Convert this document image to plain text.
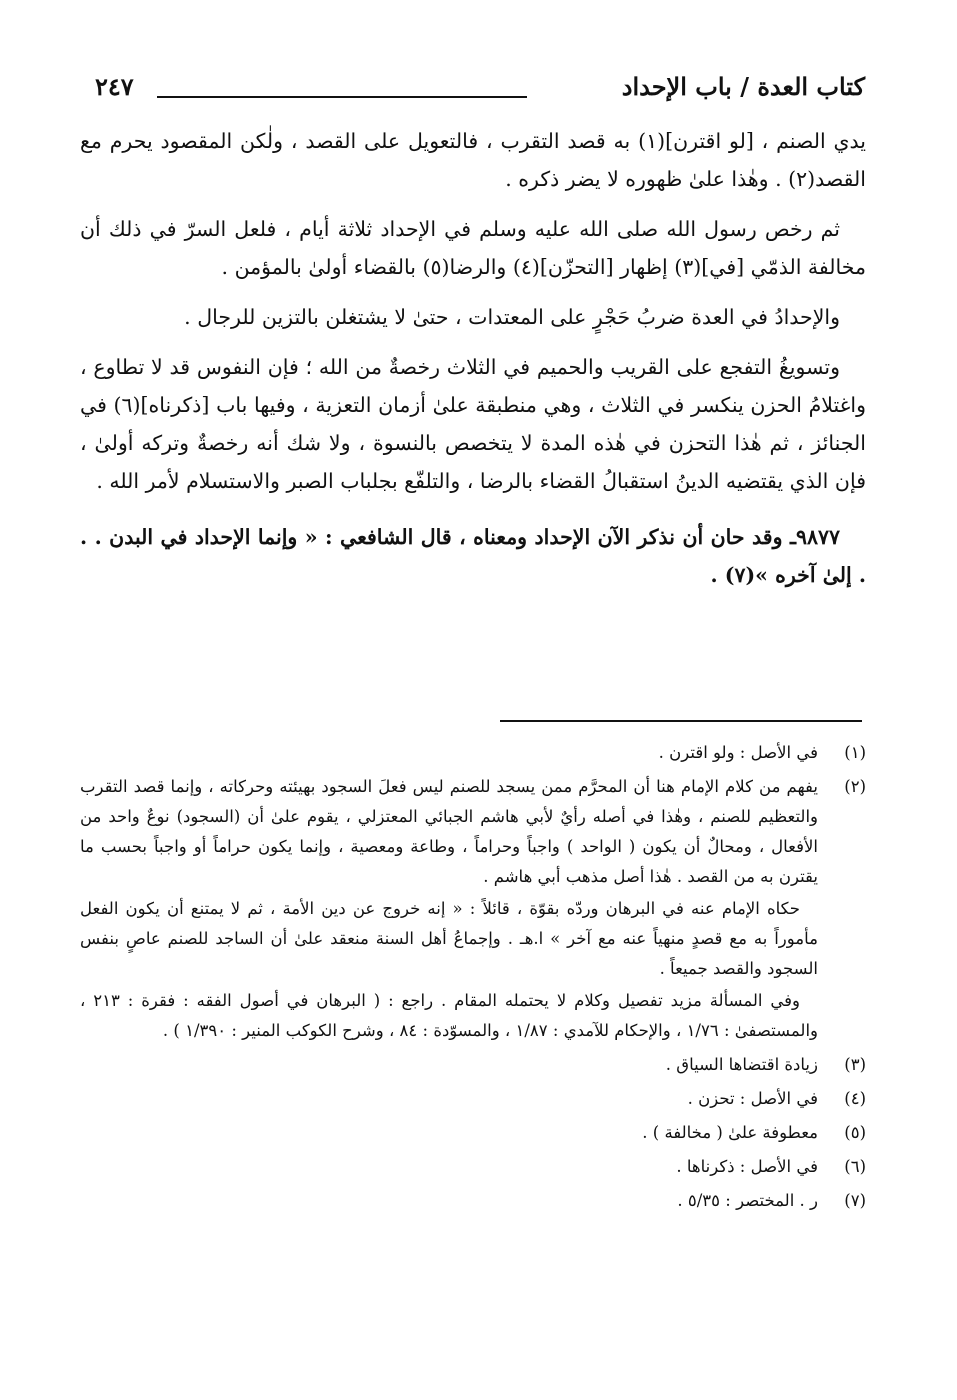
كتاب العدة / باب الإحداد
٢٤٧

يدي الصنم ، [لو اقترن](١) به قصد التقرب ، فالتعويل على القصد ، ولٰكن المقصود يحرم مع القصد(٢) . وهٰذا علىٰ ظهوره لا يضر ذكره .

ثم رخص رسول الله صلى الله عليه وسلم في الإحداد ثلاثة أيام ، فلعل السرّ في ذلك أن مخالفة الذمّي [في](٣) إظهار [التحزّن](٤) والرضا(٥) بالقضاء أولىٰ بالمؤمن .

والإحدادُ في العدة ضربُ حَجْرٍ على المعتدات ، حتىٰ لا يشتغلن بالتزين للرجال .

وتسويغُ التفجع على القريب والحميم في الثلاث رخصةٌ من الله ؛ فإن النفوس قد لا تطاوع ، واغتلامُ الحزن ينكسر في الثلاث ، وهي منطبقة علىٰ أزمان التعزية ، وفيها باب [ذكرناه](٦) في الجنائز ، ثم هٰذا التحزن في هٰذه المدة لا يتخصص بالنسوة ، ولا شك أنه رخصةٌ وتركه أولىٰ ، فإن الذي يقتضيه الدينُ استقبالُ القضاء بالرضا ، والتلفّع بجلباب الصبر والاستسلام لأمر الله .

٩٨٧٧ـ وقد حان أن نذكر الآن الإحداد ومعناه ، قال الشافعي : « وإنما الإحداد في البدن . . . إلىٰ آخره »(٧) .

(١)

في الأصل : ولو اقترن .

(٢)

يفهم من كلام الإمام هنا أن المحرَّم ممن يسجد للصنم ليس فعلَ السجود بهيئته وحركاته ، وإنما قصد التقرب والتعظيم للصنم ، وهٰذا في أصله رأيٌ لأبي هاشم الجبائي المعتزلي ، يقوم علىٰ أن (السجود) نوعٌ واحد من الأفعال ، ومحالٌ أن يكون ( الواحد ) واجباً وحراماً ، وطاعة ومعصية ، وإنما يكون حراماً أو واجباً بحسب ما يقترن به من القصد . هٰذا أصل مذهب أبي هاشم .

حكاه الإمام عنه في البرهان وردّه بقوّة ، قائلاً : « إنه خروج عن دين الأمة ، ثم لا يمتنع أن يكون الفعل مأموراً به مع قصدٍ منهياً عنه مع آخر » ا.هـ . وإجماعُ أهل السنة منعقد علىٰ أن الساجد للصنم عاصٍ بنفس السجود والقصد جميعاً .

وفي المسألة مزيد تفصيل وكلام لا يحتمله المقام . راجع : ( البرهان في أصول الفقه : فقرة : ٢١٣ ، والمستصفىٰ : ١/٧٦ ، والإحكام للآمدي : ١/٨٧ ، والمسوّدة : ٨٤ ، وشرح الكوكب المنير : ١/٣٩٠ ) .

(٣)

زيادة اقتضاها السياق .

(٤)

في الأصل : تحزن .

(٥)

معطوفة علىٰ ( مخالفة ) .

(٦)

في الأصل : ذكرناها .

(٧)

ر . المختصر : ٥/٣٥ .
